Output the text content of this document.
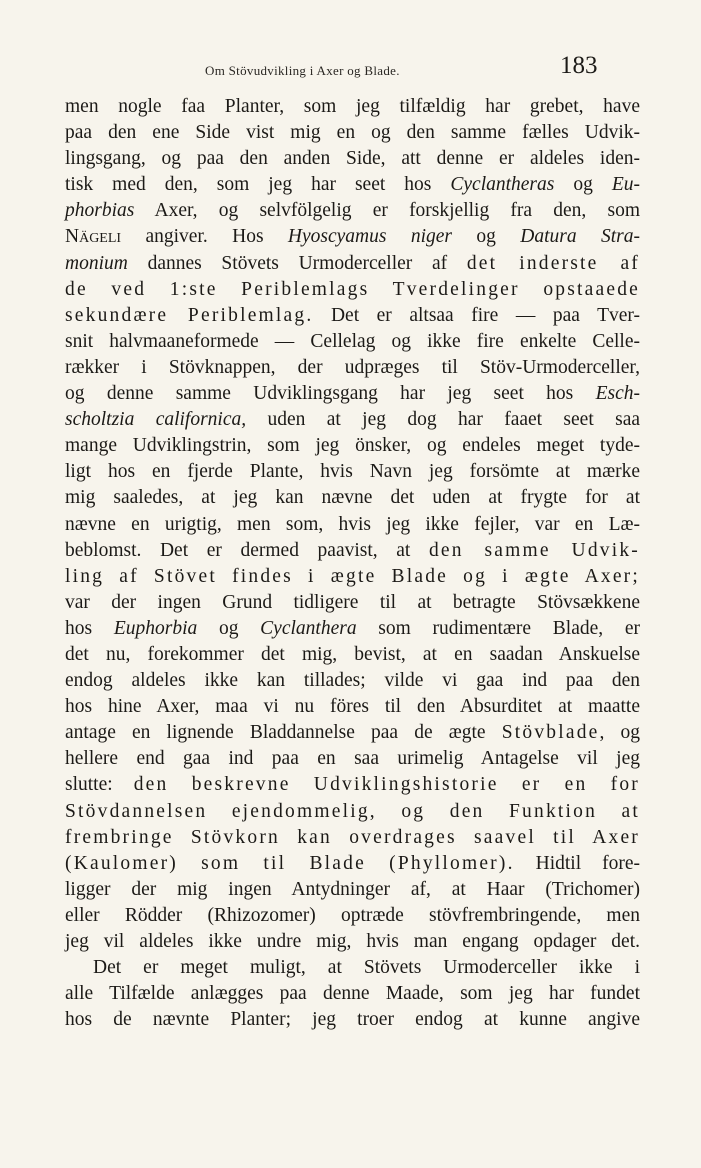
Om Stövudvikling i Axer og Blade.	183
men nogle faa Planter, som jeg tilfældig har grebet, have
paa den ene Side vist mig en og den samme fælles Udvik-
lingsgang, og paa den anden Side, att denne er aldeles iden-
tisk med den, som jeg har seet hos Cyclantheras og Eu-
phorbias Axer, og selvfölgelig er forskjellig fra den, som
Nägeli angiver. Hos Hyoscyamus niger og Datura Stra-
monium dannes Stövets Urmoderceller af det inderste af
de ved 1:ste Periblemlags Tverdelinger opstaaede
sekundære Periblemlag. Det er altsaa fire — paa Tver-
snit halvmaaneformede — Cellelag og ikke fire enkelte Celle-
rækker i Stövknappen, der udpræges til Stöv-Urmoderceller,
og denne samme Udviklingsgang har jeg seet hos Esch-
scholtzia californica, uden at jeg dog har faaet seet saa
mange Udviklingstrin, som jeg önsker, og endeles meget tyde-
ligt hos en fjerde Plante, hvis Navn jeg forsömte at mærke
mig saaledes, at jeg kan nævne det uden at frygte for at
nævne en urigtig, men som, hvis jeg ikke fejler, var en Læ-
beblomst. Det er dermed paavist, at den samme Udvik-
ling af Stövet findes i ægte Blade og i ægte Axer;
var der ingen Grund tidligere til at betragte Stövsækkene
hos Euphorbia og Cyclanthera som rudimentære Blade, er
det nu, forekommer det mig, bevist, at en saadan Anskuelse
endog aldeles ikke kan tillades; vilde vi gaa ind paa den
hos hine Axer, maa vi nu föres til den Absurditet at maatte
antage en lignende Bladdannelse paa de ægte Stövblade, og
hellere end gaa ind paa en saa urimelig Antagelse vil jeg
slutte: den beskrevne Udviklingshistorie er en for
Stövdannelsen ejendommelig, og den Funktion at
frembringe Stövkorn kan overdrages saavel til Axer
(Kaulomer) som til Blade (Phyllomer). Hidtil fore-
ligger der mig ingen Antydninger af, at Haar (Trichomer)
eller Rödder (Rhizozomer) optræde stövfrembringende, men
jeg vil aldeles ikke undre mig, hvis man engang opdager det.
Det er meget muligt, at Stövets Urmoderceller ikke i
alle Tilfælde anlægges paa denne Maade, som jeg har fundet
hos de nævnte Planter; jeg troer endog at kunne angive
